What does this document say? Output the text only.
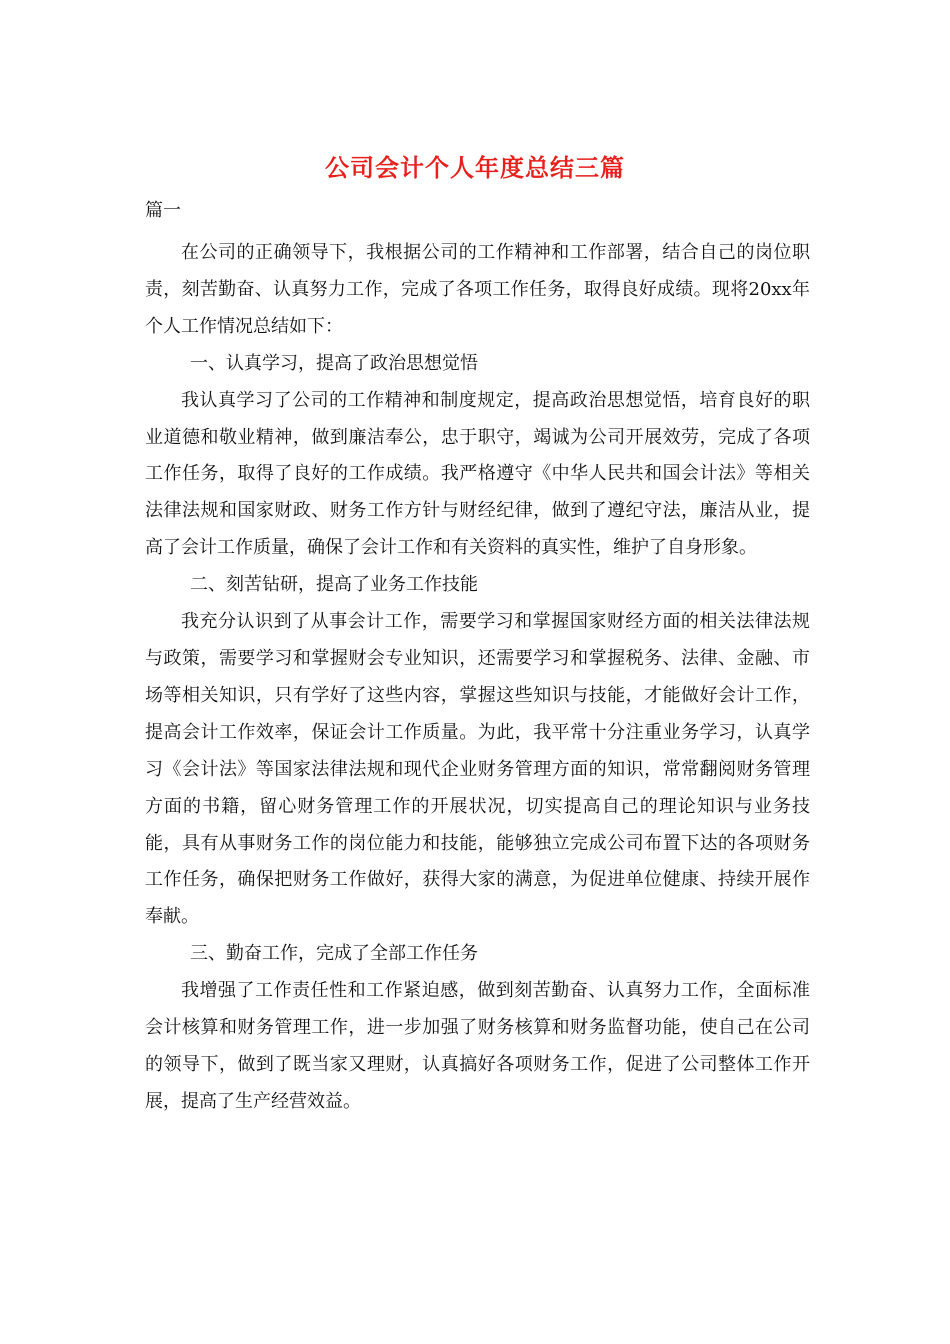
公司会计个人年度总结三篇

篇一

在公司的正确领导下，我根据公司的工作精神和工作部署，结合自己的岗位职责，刻苦勤奋、认真努力工作，完成了各项工作任务，取得良好成绩。现将20xx年个人工作情况总结如下：

一、认真学习，提高了政治思想觉悟

我认真学习了公司的工作精神和制度规定，提高政治思想觉悟，培育良好的职业道德和敬业精神，做到廉洁奉公，忠于职守，竭诚为公司开展效劳，完成了各项工作任务，取得了良好的工作成绩。我严格遵守《中华人民共和国会计法》等相关法律法规和国家财政、财务工作方针与财经纪律，做到了遵纪守法，廉洁从业，提高了会计工作质量，确保了会计工作和有关资料的真实性，维护了自身形象。

二、刻苦钻研，提高了业务工作技能

我充分认识到了从事会计工作，需要学习和掌握国家财经方面的相关法律法规与政策，需要学习和掌握财会专业知识，还需要学习和掌握税务、法律、金融、市场等相关知识，只有学好了这些内容，掌握这些知识与技能，才能做好会计工作，提高会计工作效率，保证会计工作质量。为此，我平常十分注重业务学习，认真学习《会计法》等国家法律法规和现代企业财务管理方面的知识，常常翻阅财务管理方面的书籍，留心财务管理工作的开展状况，切实提高自己的理论知识与业务技能，具有从事财务工作的岗位能力和技能，能够独立完成公司布置下达的各项财务工作任务，确保把财务工作做好，获得大家的满意，为促进单位健康、持续开展作奉献。

三、勤奋工作，完成了全部工作任务

我增强了工作责任性和工作紧迫感，做到刻苦勤奋、认真努力工作，全面标准会计核算和财务管理工作，进一步加强了财务核算和财务监督功能，使自己在公司的领导下，做到了既当家又理财，认真搞好各项财务工作，促进了公司整体工作开展，提高了生产经营效益。
